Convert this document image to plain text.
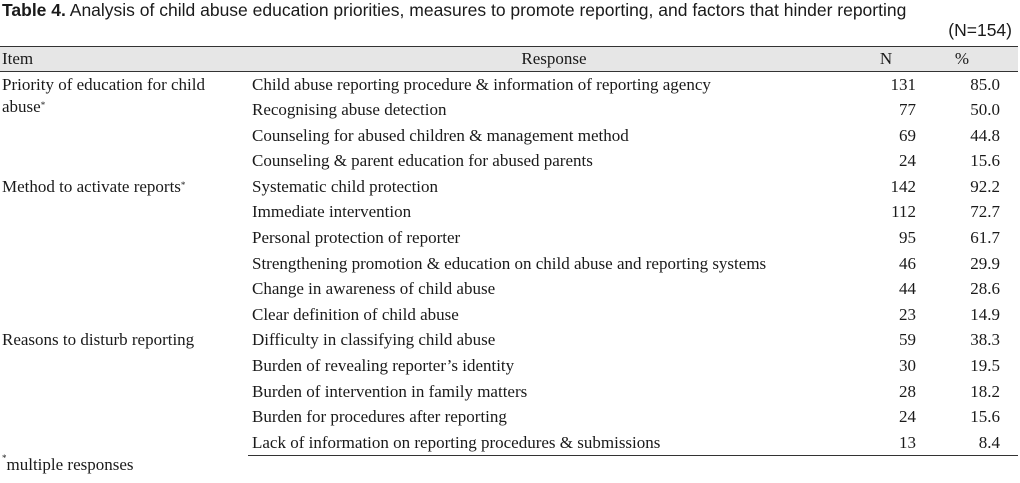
Table 4. Analysis of child abuse education priorities, measures to promote reporting, and factors that hinder reporting
(N=154)
Item	Response	N	%

Priority of education for child abuse*	Child abuse reporting procedure & information of reporting agency	131	85.0
	Recognising abuse detection	77	50.0
	Counseling for abused children & management method	69	44.8
	Counseling & parent education for abused parents	24	15.6

Method to activate reports*	Systematic child protection	142	92.2
	Immediate intervention	112	72.7
	Personal protection of reporter	95	61.7
	Strengthening promotion & education on child abuse and reporting systems	46	29.9
	Change in awareness of child abuse	44	28.6
	Clear definition of child abuse	23	14.9

Reasons to disturb reporting	Difficulty in classifying child abuse	59	38.3
	Burden of revealing reporter’s identity	30	19.5
	Burden of intervention in family matters	28	18.2
	Burden for procedures after reporting	24	15.6
	Lack of information on reporting procedures & submissions	13	8.4
*multiple responses
